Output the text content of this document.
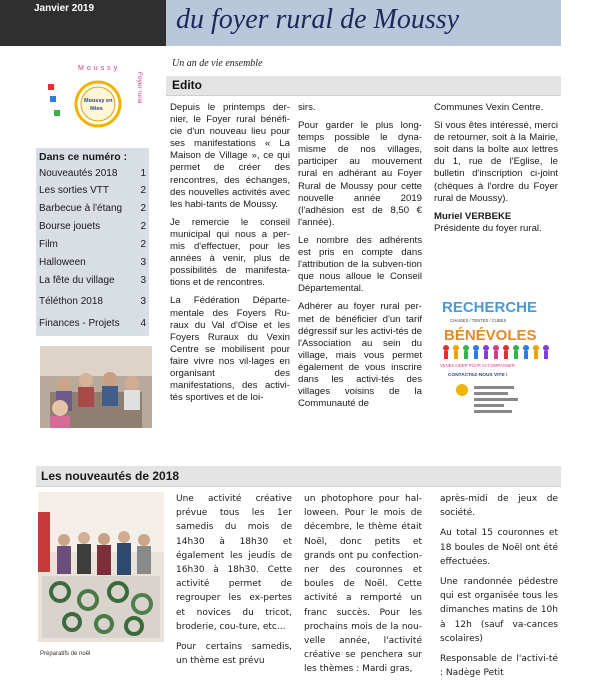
Janvier 2019	du foyer rural de Moussy
Un an de vie ensemble
Moussy
Moussy en
fêtes
Foyer rural
Dans ce numéro :
Nouveautés 2018 1
Les sorties VTT	2
Barbecue à l'étang 2
Bourse jouets	2
Film	2
Halloween	3
La fête du village	3
Téléthon 2018	3
Finances - Projets 4
Edito

Depuis le printemps der-nier, le Foyer rural bénéfi-cie d'un nouveau lieu pour ses manifestations « La Maison de Village », ce qui permet de créer des rencontres, des échanges, des nouvelles activités avec les habi-tants de Moussy.

Je remercie le conseil municipal qui nous a per-mis d'effectuer, pour les années à venir, plus de possibilités de manifesta-tions et de rencontres.

La Fédération Départe-mentale des Foyers Ru-raux du Val d'Oise et les Foyers Ruraux du Vexin Centre se mobilisent pour faire vivre nos vil-lages en organisant des manifestations, des activi-tés sportives et de loi-

sirs.

Pour garder le plus long-temps possible le dyna-misme de nos villages, participer au mouvement rural en adhérant au Foyer Rural de Moussy pour cette nouvelle année 2019 (l'adhésion est de 8,50 € l'année).

Le nombre des adhérents est pris en compte dans l'attribution de la subven-tion que nous alloue le Conseil Départemental.

Adhérer au foyer rural per-met de bénéficier d'un tarif dégressif sur les activi-tés de l'Association au sein du village, mais vous permet également de vous inscrire dans les activi-tés des villages voisins de la Communauté de

Communes Vexin Centre.

Si vous êtes intéressé, merci de retourner, soit à la Mairie, soit dans la boîte aux lettres du 1, rue de l'Eglise, le bulletin d'inscription ci-joint (chèques à l'ordre du Foyer rural de Moussy).

Muriel VERBEKE
Présidente du foyer rural.
RECHERCHE
CHAISES / TENTES / CUBES
BÉNÉVOLES
VENEZ AIDER POUR ACCOMPAGNER
CONTACTEZ-NOUS VITE !
Les nouveautés de 2018
Préparatifs de noël

Une activité créative prévue tous les 1er samedis du mois de 14h30 à 18h30 et également les jeudis de 16h30 à 18h30. Cette activité permet de regrouper les ex-pertes et novices du tricot, broderie, cou-ture, etc...

Pour certains samedis, un thème est prévu

un photophore pour hal-loween. Pour le mois de décembre, le thème était Noël, donc petits et grands ont pu confection-ner des couronnes et boules de Noël. Cette activité a remporté un franc succès. Pour les prochains mois de la nou-velle année, l'activité créative se penchera sur les thèmes : Mardi gras,

après-midi de jeux de société.

Au total 15 couronnes et 18 boules de Noël ont été effectuées.

Une randonnée pédestre qui est organisée tous les dimanches matins de 10h à 12h (sauf va-cances scolaires)

Responsable de l'activi-té : Nadège Petit
